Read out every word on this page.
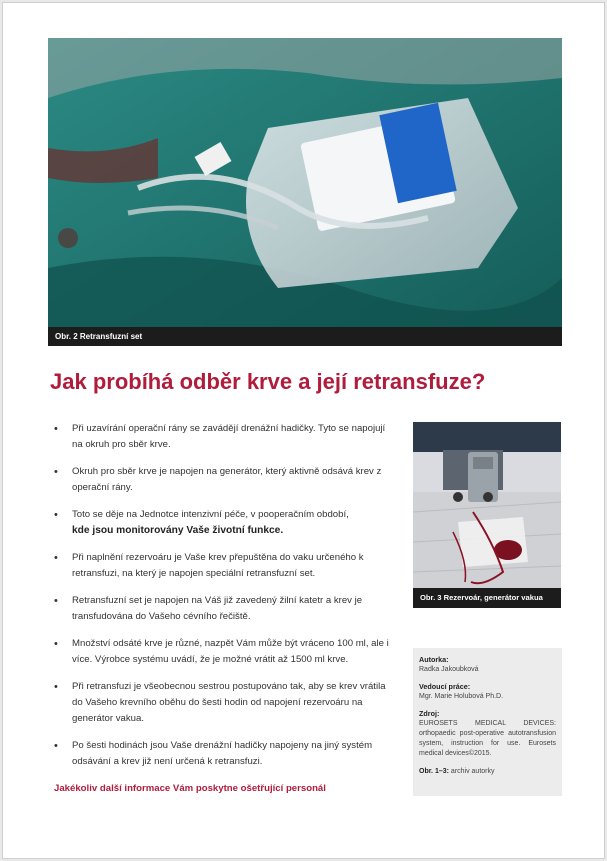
Obr. 2 Retransfuzní set
Jak probíhá odběr krve a její retransfuze?
• Při uzavírání operační rány se zavádějí drenážní hadičky. Tyto se napojují na okruh pro sběr krve.
• Okruh pro sběr krve je napojen na generátor, který aktivně odsává krev z operační rány.
• Toto se děje na Jednotce intenzivní péče, v pooperačním období,
kde jsou monitorovány Vaše životní funkce.
• Při naplnění rezervoáru je Vaše krev přepuštěna do vaku určeného k retransfuzi, na který je napojen speciální retransfuzní set.
• Retransfuzní set je napojen na Váš již zavedený žilní katetr a krev je transfudována do Vašeho cévního řečiště.
• Množství odsáté krve je různé, nazpět Vám může být vráceno 100 ml, ale i více. Výrobce systému uvádí, že je možné vrátit až 1500 ml krve.
• Při retransfuzi je všeobecnou sestrou postupováno tak, aby se krev vrátila do Vašeho krevního oběhu do šesti hodin od napojení rezervoáru na generátor vakua.
• Po šesti hodinách jsou Vaše drenážní hadičky napojeny na jiný systém odsávání a krev již není určená k retransfuzi.
Obr. 3 Rezervoár, generátor vakua
Autorka:
Radka Jakoubková
Vedoucí práce:
Mgr. Marie Holubová Ph.D.
Zdroj:
EUROSETS MEDICAL DEVICES: orthopaedic post-operative autotransfusion system, instruction for use. Eurosets medical devices©2015.
Obr. 1–3: archiv autorky
Jakékoliv další informace Vám poskytne ošetřující personál
